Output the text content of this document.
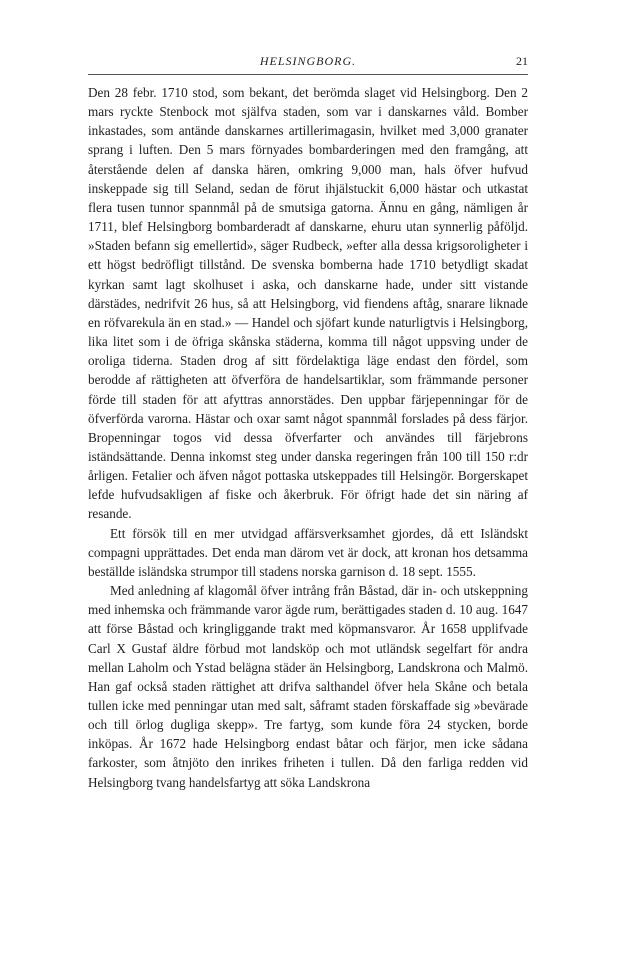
HELSINGBORG.	21

Den 28 febr. 1710 stod, som bekant, det berömda slaget vid Helsingborg. Den 2 mars ryckte Stenbock mot själfva staden, som var i danskarnes våld. Bomber inkastades, som antände danskarnes artillerimagasin, hvilket med 3,000 granater sprang i luften. Den 5 mars förnyades bombarderingen med den framgång, att återstående delen af danska hären, omkring 9,000 man, hals öfver hufvud inskeppade sig till Seland, sedan de förut ihjälstuckit 6,000 hästar och utkastat flera tusen tunnor spannmål på de smutsiga gatorna. Ännu en gång, nämligen år 1711, blef Helsingborg bombarderadt af danskarne, ehuru utan synnerlig påföljd. »Staden befann sig emellertid», säger Rudbeck, »efter alla dessa krigsoroligheter i ett högst bedröfligt tillstånd. De svenska bomberna hade 1710 betydligt skadat kyrkan samt lagt skolhuset i aska, och danskarne hade, under sitt vistande därstädes, nedrifvit 26 hus, så att Helsingborg, vid fiendens aftåg, snarare liknade en röfvarekula än en stad.» — Handel och sjöfart kunde naturligtvis i Helsingborg, lika litet som i de öfriga skånska städerna, komma till något uppsving under de oroliga tiderna. Staden drog af sitt fördelaktiga läge endast den fördel, som berodde af rättigheten att öfverföra de handelsartiklar, som främmande personer förde till staden för att afyttras annorstädes. Den uppbar färjepenningar för de öfverförda varorna. Hästar och oxar samt något spannmål forslades på dess färjor. Bropenningar togos vid dessa öfverfarter och användes till färjebrons iständsättande. Denna inkomst steg under danska regeringen från 100 till 150 r:dr årligen. Fetalier och äfven något pottaska utskeppades till Helsingör. Borgerskapet lefde hufvudsakligen af fiske och åkerbruk. För öfrigt hade det sin näring af resande.

Ett försök till en mer utvidgad affärsverksamhet gjordes, då ett Isländskt compagni upprättades. Det enda man därom vet är dock, att kronan hos detsamma beställde isländska strumpor till stadens norska garnison d. 18 sept. 1555.

Med anledning af klagomål öfver intrång från Båstad, där in- och utskeppning med inhemska och främmande varor ägde rum, berättigades staden d. 10 aug. 1647 att förse Båstad och kringliggande trakt med köpmansvaror. År 1658 upplifvade Carl X Gustaf äldre förbud mot landsköp och mot utländsk segelfart för andra mellan Laholm och Ystad belägna städer än Helsingborg, Landskrona och Malmö. Han gaf också staden rättighet att drifva salthandel öfver hela Skåne och betala tullen icke med penningar utan med salt, såframt staden förskaffade sig »bevärade och till örlog dugliga skepp». Tre fartyg, som kunde föra 24 stycken, borde inköpas. År 1672 hade Helsingborg endast båtar och färjor, men icke sådana farkoster, som åtnjöto den inrikes friheten i tullen. Då den farliga redden vid Helsingborg tvang handelsfartyg att söka Landskrona
